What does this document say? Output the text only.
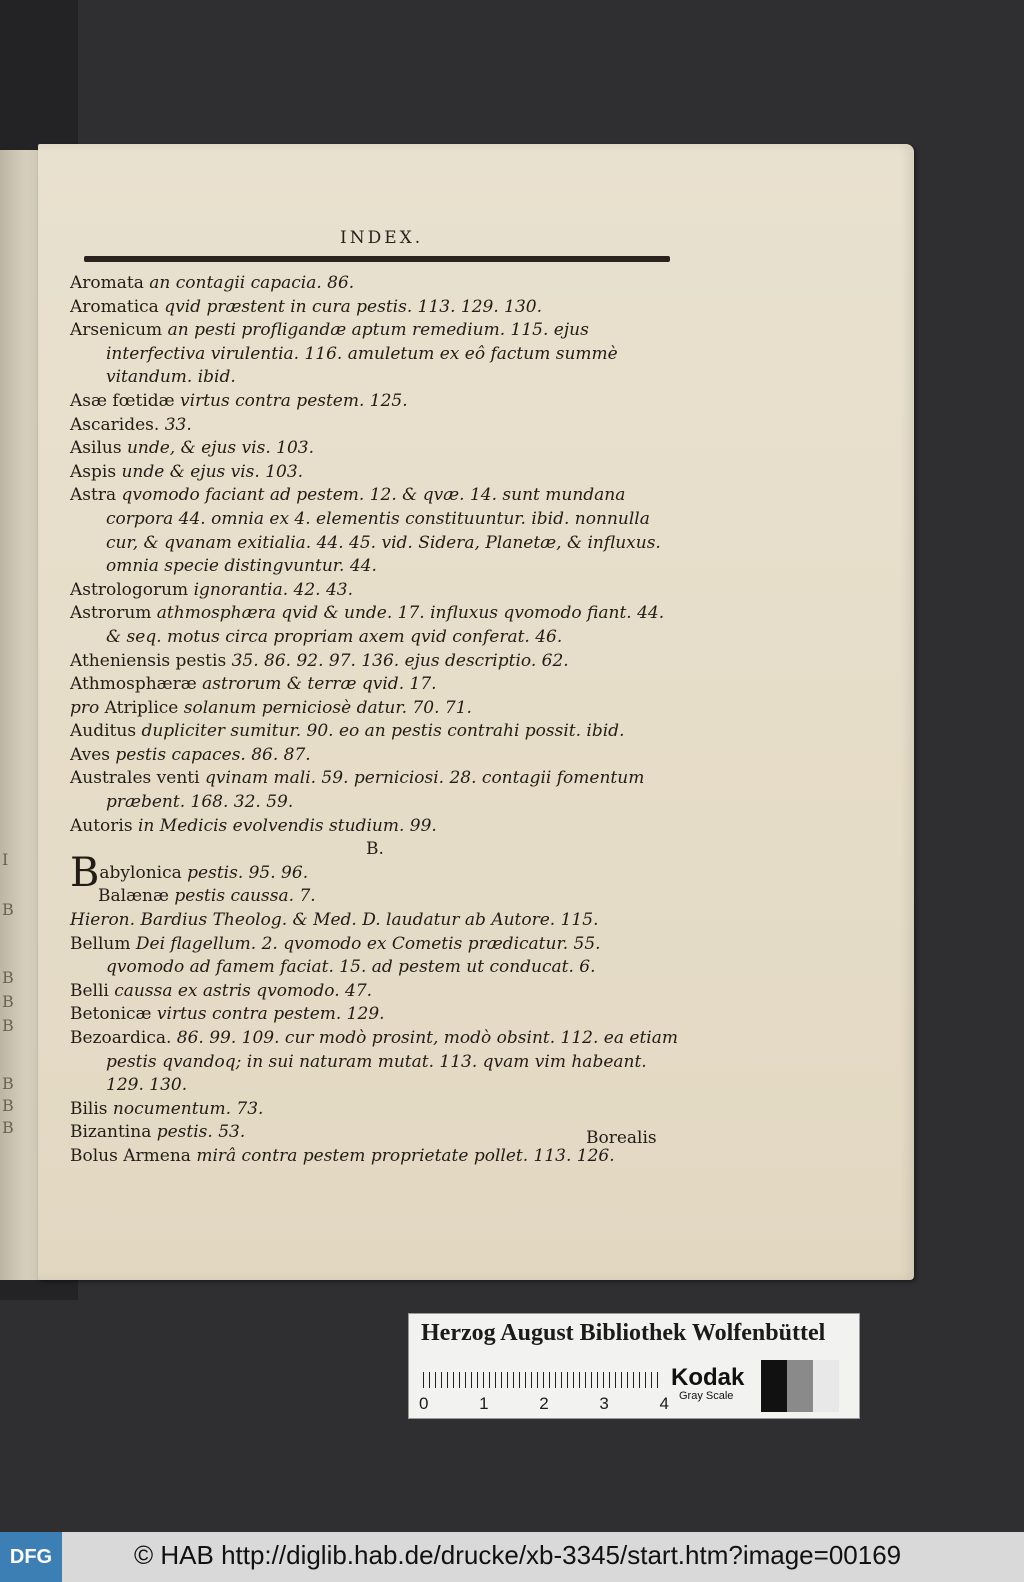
I
B
B
B
B
B
B
B
INDEX.

Aromata an contagii capacia. 86.

Aromatica qvid præstent in cura pestis. 113. 129. 130.

Arsenicum an pesti profligandæ aptum remedium. 115. ejus interfectiva virulentia. 116. amuletum ex eô factum summè vitandum. ibid.

Asæ fœtidæ virtus contra pestem. 125.

Ascarides. 33.

Asilus unde, & ejus vis. 103.

Aspis unde & ejus vis. 103.

Astra qvomodo faciant ad pestem. 12. & qvæ. 14. sunt mundana corpora 44. omnia ex 4. elementis constituuntur. ibid. nonnulla cur, & qvanam exitialia. 44. 45. vid. Sidera, Planetæ, & influxus. omnia specie distingvuntur. 44.

Astrologorum ignorantia. 42. 43.

Astrorum athmosphæra qvid & unde. 17. influxus qvomodo fiant. 44. & seq. motus circa propriam axem qvid conferat. 46.

Atheniensis pestis 35. 86. 92. 97. 136. ejus descriptio. 62.

Athmosphæræ astrorum & terræ qvid. 17.

pro Atriplice solanum perniciosè datur. 70. 71.

Auditus dupliciter sumitur. 90. eo an pestis contrahi possit. ibid.

Aves pestis capaces. 86. 87.

Australes venti qvinam mali. 59. perniciosi. 28. contagii fomentum præbent. 168. 32. 59.

Autoris in Medicis evolvendis studium. 99.

B.

Babylonica pestis. 95. 96.

Balænæ pestis caussa. 7.

Hieron. Bardius Theolog. & Med. D. laudatur ab Autore. 115.

Bellum Dei flagellum. 2. qvomodo ex Cometis prædicatur. 55. qvomodo ad famem faciat. 15. ad pestem ut conducat. 6.

Belli caussa ex astris qvomodo. 47.

Betonicæ virtus contra pestem. 129.

Bezoardica. 86. 99. 109. cur modò prosint, modò obsint. 112. ea etiam pestis qvandoq; in sui naturam mutat. 113. qvam vim habeant. 129. 130.

Bilis nocumentum. 73.

Bizantina pestis. 53.

Bolus Armena mirâ contra pestem proprietate pollet. 113. 126.

Borealis
Herzog August Bibliothek Wolfenbüttel
0	1	2	3	4
Kodak
Gray Scale
DFG	© HAB http://diglib.hab.de/drucke/xb-3345/start.htm?image=00169
